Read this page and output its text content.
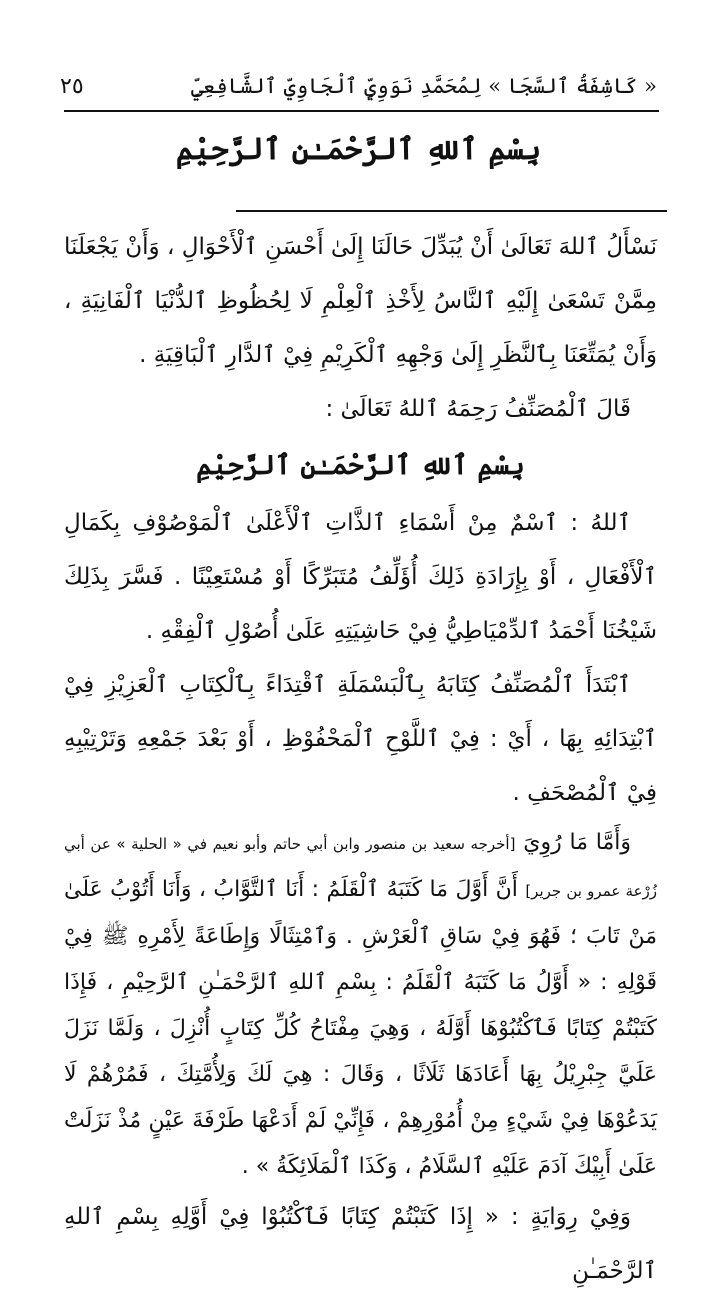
« كَاشِفَةُ ٱلسَّجَا » لِمُحَمَّدِ نَوَوِيٍّ ٱلْجَاوِيِّ ٱلشَّافِعِيِّ
٢٥
بِسْمِ ٱللهِ ٱلرَّحْمَـٰنِ ٱلرَّحِيْمِ

نَسْأَلُ ٱللهَ تَعَالَىٰ أَنْ يُبَدِّلَ حَالَنَا إِلَىٰ أَحْسَنِ ٱلْأَحْوَالِ ، وَأَنْ يَجْعَلَنَا مِمَّنْ تَسْعَىٰ إِلَيْهِ ٱلنَّاسُ لِأَخْذِ ٱلْعِلْمِ لَا لِحُظُوظِ ٱلدُّنْيَا ٱلْفَانِيَةِ ، وَأَنْ يُمَتِّعَنَا بِٱلنَّظَرِ إِلَىٰ وَجْهِهِ ٱلْكَرِيْمِ فِيْ ٱلدَّارِ ٱلْبَاقِيَةِ .

قَالَ ٱلْمُصَنِّفُ رَحِمَهُ ٱللهُ تَعَالَىٰ :

بِسْمِ ٱللهِ ٱلرَّحْمَـٰنِ ٱلرَّحِيْمِ

ٱللهُ : ٱسْمٌ مِنْ أَسْمَاءِ ٱلذَّاتِ ٱلْأَعْلَىٰ ٱلْمَوْصُوْفِ بِكَمَالِ ٱلْأَفْعَالِ ، أَوْ بِإِرَادَةِ ذَلِكَ أُؤَلِّفُ مُتَبَرِّكًا أَوْ مُسْتَعِيْنًا . فَسَّرَ بِذَلِكَ شَيْخُنَا أَحْمَدُ ٱلدِّمْيَاطِيُّ فِيْ حَاشِيَتِهِ عَلَىٰ أُصُوْلِ ٱلْفِقْهِ .

ٱبْتَدَأَ ٱلْمُصَنِّفُ كِتَابَهُ بِٱلْبَسْمَلَةِ ٱقْتِدَاءً بِٱلْكِتَابِ ٱلْعَزِيْزِ فِيْ ٱبْتِدَائِهِ بِهَا ، أَيْ : فِيْ ٱللَّوْحِ ٱلْمَحْفُوْظِ ، أَوْ بَعْدَ جَمْعِهِ وَتَرْتِيْبِهِ فِيْ ٱلْمُصْحَفِ .

وَأَمَّا مَا رُوِيَ [أخرجه سعيد بن منصور وابن أبي حاتم وأبو نعيم في « الحلية » عن أبي زُرْعة عمرو بن جرير] أَنَّ أَوَّلَ مَا كَتَبَهُ ٱلْقَلَمُ : أَنَا ٱلتَّوَّابُ ، وَأَنَا أَتُوْبُ عَلَىٰ مَنْ تَابَ ؛ فَهُوَ فِيْ سَاقِ ٱلْعَرْشِ . وَٱمْتِثَالًا وَإِطَاعَةً لِأَمْرِهِ ﷺ فِيْ قَوْلِهِ : « أَوَّلُ مَا كَتَبَهُ ٱلْقَلَمُ : بِسْمِ ٱللهِ ٱلرَّحْمَـٰنِ ٱلرَّحِيْمِ ، فَإِذَا كَتَبْتُمْ كِتَابًا فَٱكْتُبُوْهَا أَوَّلَهُ ، وَهِيَ مِفْتَاحُ كُلِّ كِتَابٍ أُنْزِلَ ، وَلَمَّا نَزَلَ عَلَيَّ جِبْرِيْلُ بِهَا أَعَادَهَا ثَلَاثًا ، وَقَالَ : هِيَ لَكَ وَلِأُمَّتِكَ ، فَمُرْهُمْ لَا يَدَعُوْهَا فِيْ شَيْءٍ مِنْ أُمُوْرِهِمْ ، فَإِنِّيْ لَمْ أَدَعْهَا طَرْفَةَ عَيْنٍ مُذْ نَزَلَتْ عَلَىٰ أَبِيْكَ آدَمَ عَلَيْهِ ٱلسَّلَامُ ، وَكَذَا ٱلْمَلَائِكَةُ » .

وَفِيْ رِوَايَةٍ : « إِذَا كَتَبْتُمْ كِتَابًا فَٱكْتُبُوْا فِيْ أَوَّلِهِ بِسْمِ ٱللهِ ٱلرَّحْمَـٰنِ
